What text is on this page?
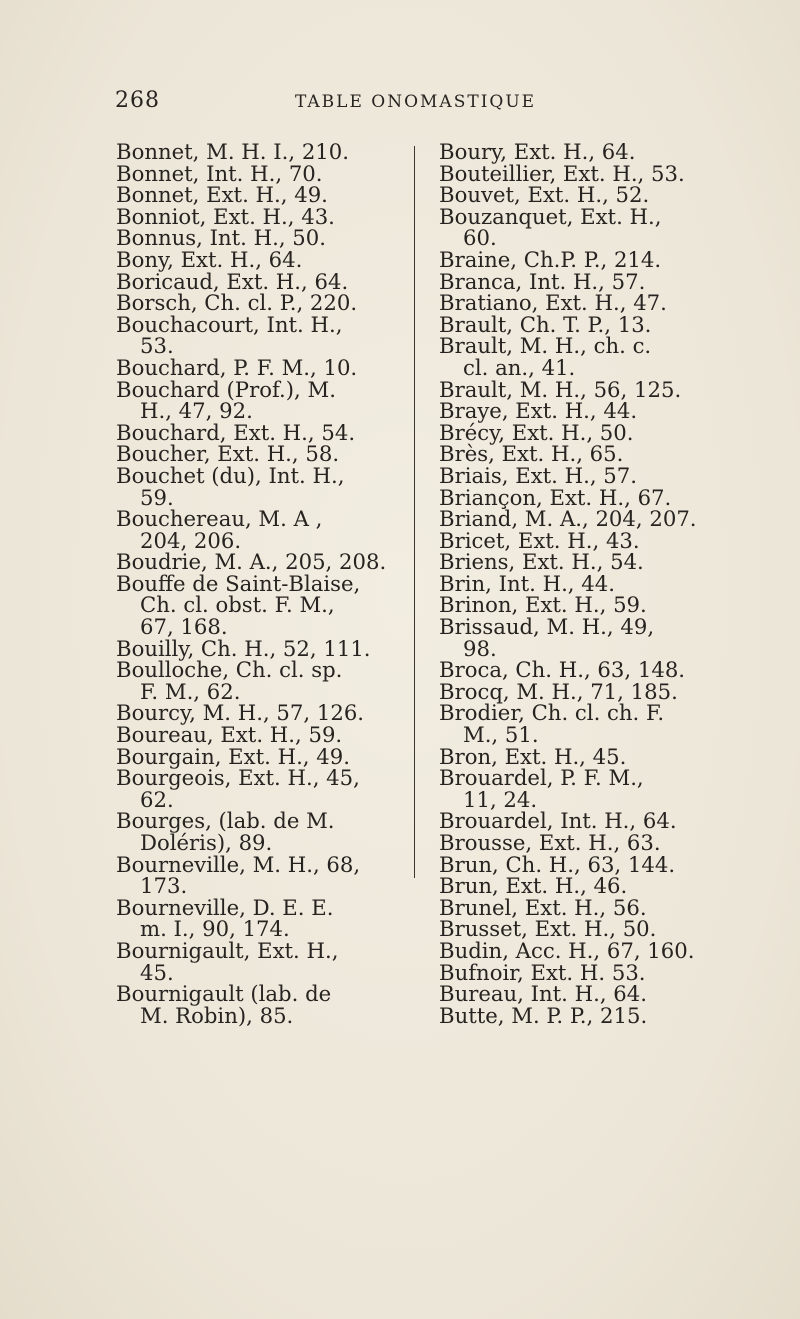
268	TABLE ONOMASTIQUE
Bonnet, M. H. I., 210.
Bonnet, Int. H., 70.
Bonnet, Ext. H., 49.
Bonniot, Ext. H., 43.
Bonnus, Int. H., 50.
Bony, Ext. H., 64.
Boricaud, Ext. H., 64.
Borsch, Ch. cl. P., 220.
Bouchacourt, Int. H.,
53.
Bouchard, P. F. M., 10.
Bouchard (Prof.), M.
H., 47, 92.
Bouchard, Ext. H., 54.
Boucher, Ext. H., 58.
Bouchet (du), Int. H.,
59.
Bouchereau, M. A ,
204, 206.
Boudrie, M. A., 205, 208.
Bouffe de Saint-Blaise,
Ch. cl. obst. F. M.,
67, 168.
Bouilly, Ch. H., 52, 111.
Boulloche, Ch. cl. sp.
F. M., 62.
Bourcy, M. H., 57, 126.
Boureau, Ext. H., 59.
Bourgain, Ext. H., 49.
Bourgeois, Ext. H., 45,
62.
Bourges, (lab. de M.
Doléris), 89.
Bourneville, M. H., 68,
173.
Bourneville, D. E. E.
m. I., 90, 174.
Bournigault, Ext. H.,
45.
Bournigault (lab. de
M. Robin), 85.
Boury, Ext. H., 64.
Bouteillier, Ext. H., 53.
Bouvet, Ext. H., 52.
Bouzanquet, Ext. H.,
60.
Braine, Ch.P. P., 214.
Branca, Int. H., 57.
Bratiano, Ext. H., 47.
Brault, Ch. T. P., 13.
Brault, M. H., ch. c.
cl. an., 41.
Brault, M. H., 56, 125.
Braye, Ext. H., 44.
Brécy, Ext. H., 50.
Brès, Ext. H., 65.
Briais, Ext. H., 57.
Briançon, Ext. H., 67.
Briand, M. A., 204, 207.
Bricet, Ext. H., 43.
Briens, Ext. H., 54.
Brin, Int. H., 44.
Brinon, Ext. H., 59.
Brissaud, M. H., 49,
98.
Broca, Ch. H., 63, 148.
Brocq, M. H., 71, 185.
Brodier, Ch. cl. ch. F.
M., 51.
Bron, Ext. H., 45.
Brouardel, P. F. M.,
11, 24.
Brouardel, Int. H., 64.
Brousse, Ext. H., 63.
Brun, Ch. H., 63, 144.
Brun, Ext. H., 46.
Brunel, Ext. H., 56.
Brusset, Ext. H., 50.
Budin, Acc. H., 67, 160.
Bufnoir, Ext. H. 53.
Bureau, Int. H., 64.
Butte, M. P. P., 215.
